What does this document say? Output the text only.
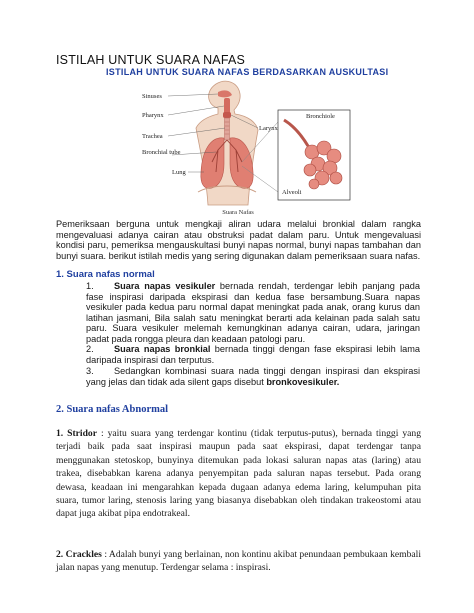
ISTILAH UNTUK SUARA NAFAS
ISTILAH UNTUK SUARA NAFAS BERDASARKAN AUSKULTASI
Sinuses
Pharynx
Larynx
Trachea
Bronchial tube
Lung
Bronchiole
Alveoli
Suara Nafas

Pemeriksaan berguna untuk mengkaji aliran udara melalui bronkial dalam rangka mengevaluasi adanya cairan atau obstruksi padat dalam paru. Untuk mengevaluasi kondisi paru, pemeriksa mengauskultasi bunyi napas normal, bunyi napas tambahan dan bunyi suara. berikut istilah medis yang sering digunakan dalam pemeriksaan suara nafas.

1. Suara nafas normal

1. Suara napas vesikuler bernada rendah, terdengar lebih panjang pada fase inspirasi daripada ekspirasi dan kedua fase bersambung.Suara napas vesikuler pada kedua paru normal dapat meningkat pada anak, orang kurus dan latihan jasmani, Bila salah satu meningkat berarti ada kelainan pada salah satu paru. Suara vesikuler melemah kemungkinan adanya cairan, udara, jaringan padat pada rongga pleura dan keadaan patologi paru.

2. Suara napas bronkial bernada tinggi dengan fase ekspirasi lebih lama daripada inspirasi dan terputus.

3. Sedangkan kombinasi suara nada tinggi dengan inspirasi dan ekspirasi yang jelas dan tidak ada silent gaps disebut bronkovesikuler.

2. Suara nafas Abnormal

1. Stridor : yaitu suara yang terdengar kontinu (tidak terputus-putus), bernada tinggi yang terjadi baik pada saat inspirasi maupun pada saat ekspirasi, dapat terdengar tanpa menggunakan stetoskop, bunyinya ditemukan pada lokasi saluran napas atas (laring) atau trakea, disebabkan karena adanya penyempitan pada saluran napas tersebut. Pada orang dewasa, keadaan ini mengarahkan kepada dugaan adanya edema laring, kelumpuhan pita suara, tumor laring, stenosis laring yang biasanya disebabkan oleh tindakan trakeostomi atau dapat juga akibat pipa endotrakeal.

2. Crackles : Adalah bunyi yang berlainan, non kontinu akibat penundaan pembukaan kembali jalan napas yang menutup. Terdengar selama : inspirasi.
